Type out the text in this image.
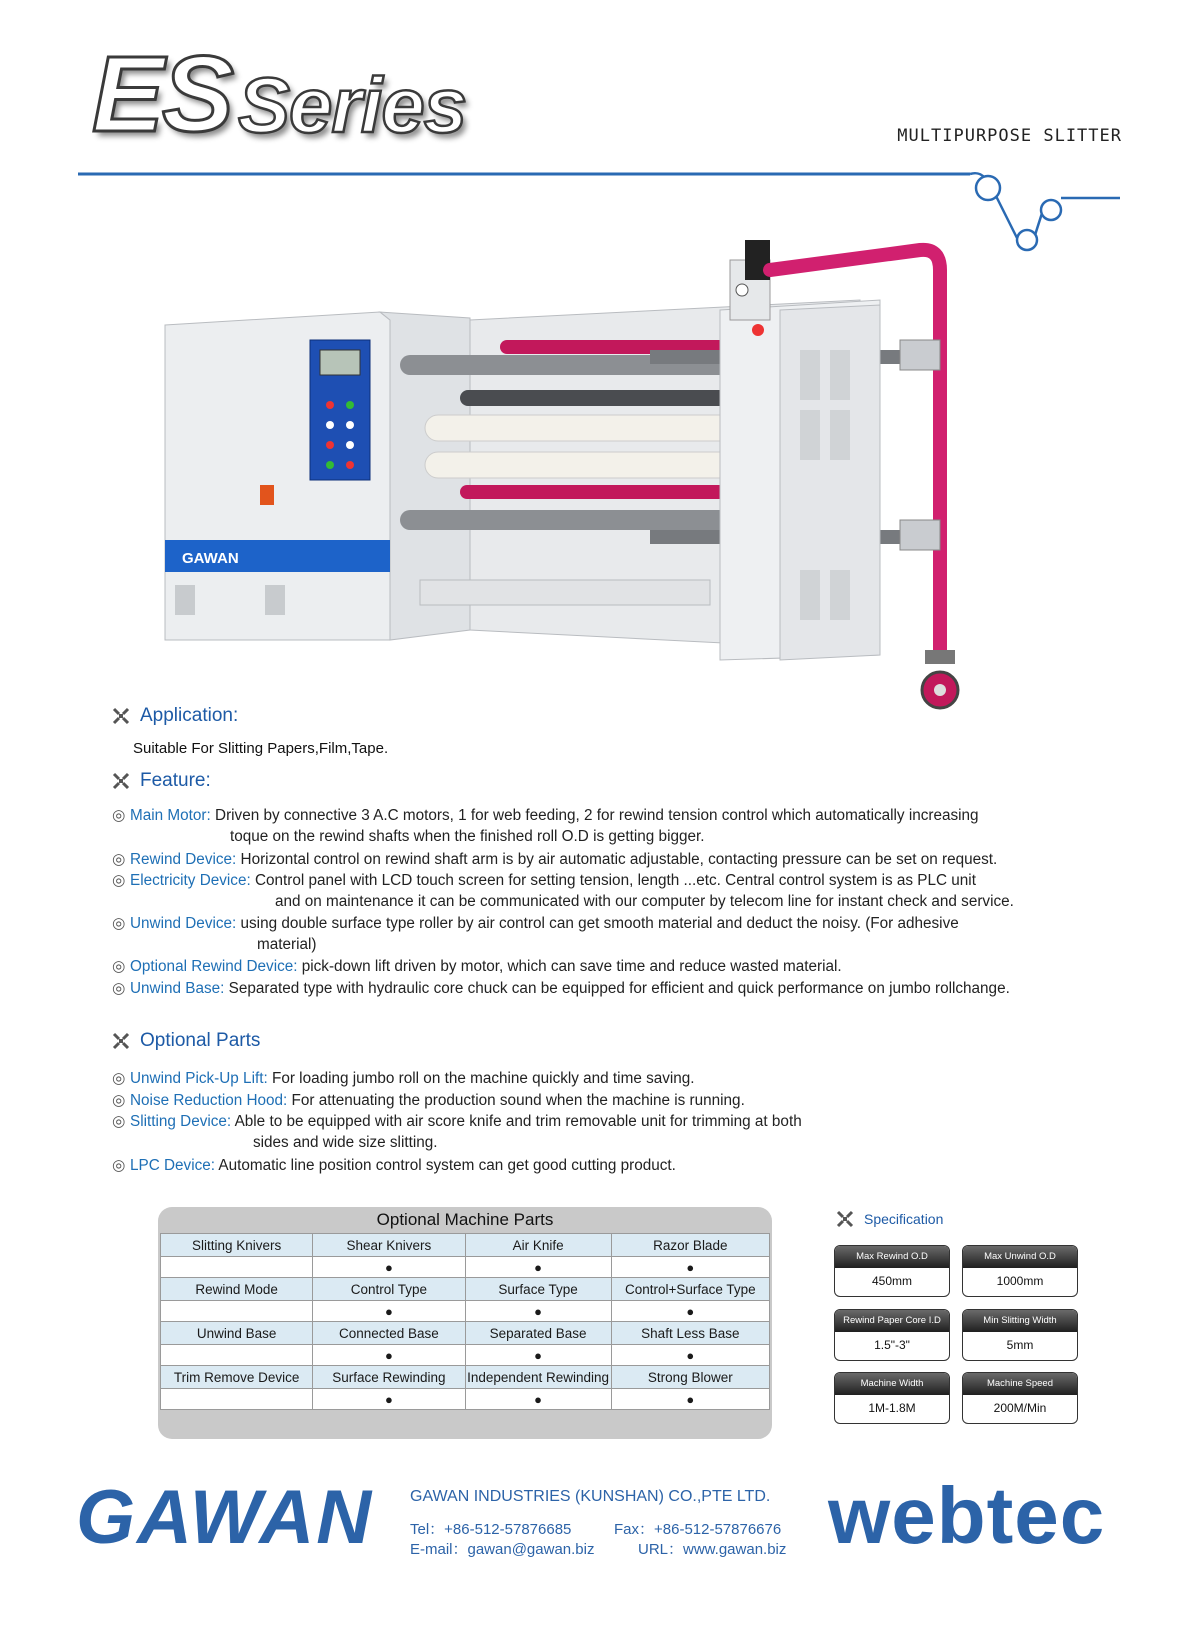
ES Series	MULTIPURPOSE SLITTER
GAWAN
Application:
Suitable For Slitting Papers,Film,Tape.
Feature:
◎ Main Motor: Driven by connective 3 A.C motors, 1 for web feeding, 2 for rewind tension control which automatically increasing
toque on the rewind shafts when the finished roll O.D is getting bigger.
◎ Rewind Device: Horizontal control on rewind shaft arm is by air automatic adjustable, contacting pressure can be set on request.
◎ Electricity Device: Control panel with LCD touch screen for setting tension, length ...etc. Central control system is as PLC unit
and on maintenance it can be communicated with our computer by telecom line for instant check and service.
◎ Unwind Device: using double surface type roller by air control can get smooth material and deduct the noisy. (For adhesive
material)
◎ Optional Rewind Device: pick-down lift driven by motor, which can save time and reduce wasted material.
◎ Unwind Base: Separated type with hydraulic core chuck can be equipped for efficient and quick performance on jumbo rollchange.
Optional Parts
◎ Unwind Pick-Up Lift: For loading jumbo roll on the machine quickly and time saving.
◎ Noise Reduction Hood: For attenuating the production sound when the machine is running.
◎ Slitting Device: Able to be equipped with air score knife and trim removable unit for trimming at both
sides and wide size slitting.
◎ LPC Device: Automatic line position control system can get good cutting product.
Optional Machine Parts
Slitting Knivers	Shear Knivers	Air Knife	Razor Blade
	●	●	●
Rewind Mode	Control Type	Surface Type	Control+Surface Type
	●	●	●
Unwind Base	Connected Base	Separated Base	Shaft Less Base
	●	●	●
Trim Remove Device	Surface Rewinding	Independent Rewinding	Strong Blower
	●	●	●
Specification
Max Rewind O.D
450mm
Max Unwind O.D
1000mm
Rewind Paper Core I.D
1.5"-3"
Min Slitting Width
5mm
Machine Width
1M-1.8M
Machine Speed
200M/Min
GAWAN GAWAN INDUSTRIES (KUNSHAN) CO.,PTE LTD.
Tel：+86-512-57876685	Fax：+86-512-57876676
E-mail：gawan@gawan.biz	URL：www.gawan.biz webtec
